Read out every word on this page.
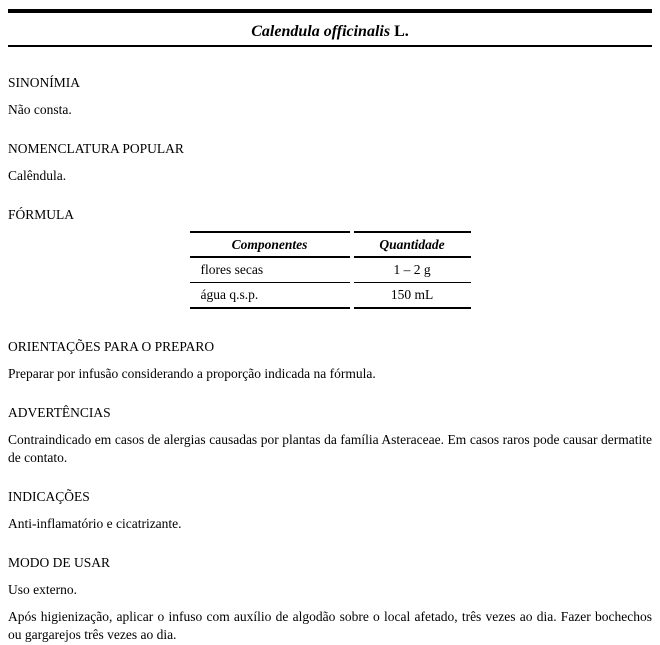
Calendula officinalis L.
SINONÍMIA

Não consta.

NOMENCLATURA POPULAR

Calêndula.

FÓRMULA
Componentes	Quantidade
flores secas	1 – 2 g
água q.s.p.	150 mL
ORIENTAÇÕES PARA O PREPARO

Preparar por infusão considerando a proporção indicada na fórmula.

ADVERTÊNCIAS

Contraindicado em casos de alergias causadas por plantas da família Asteraceae. Em casos raros pode causar dermatite de contato.

INDICAÇÕES

Anti-inflamatório e cicatrizante.

MODO DE USAR

Uso externo.

Após higienização, aplicar o infuso com auxílio de algodão sobre o local afetado, três vezes ao dia. Fazer bochechos ou gargarejos três vezes ao dia.
